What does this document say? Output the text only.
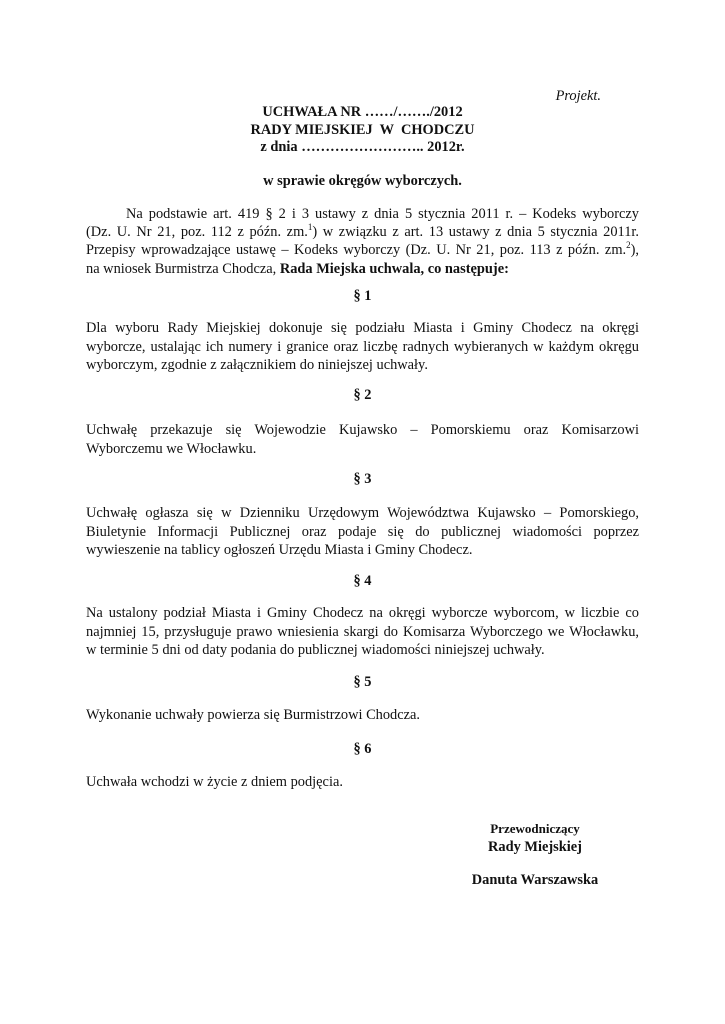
Projekt.
UCHWAŁA NR ……/……./2012
RADY MIEJSKIEJ  W  CHODCZU
z dnia …………………….. 2012r.
w sprawie okręgów wyborczych.
Na podstawie art. 419 § 2 i 3 ustawy z dnia 5 stycznia 2011 r. – Kodeks wyborczy
(Dz. U. Nr 21, poz. 112 z późn. zm.$^1$) w związku z art. 13 ustawy z dnia 5 stycznia 2011r.
Przepisy wprowadzające ustawę – Kodeks wyborczy (Dz. U. Nr 21, poz. 113 z późn. zm.$^2$),
na wniosek Burmistrza Chodcza, Rada Miejska uchwala, co następuje:
§ 1
Dla wyboru Rady Miejskiej dokonuje się podziału Miasta i Gminy Chodecz na okręgi
wyborcze, ustalając ich numery i granice oraz liczbę radnych wybieranych w każdym okręgu
wyborczym, zgodnie z załącznikiem do niniejszej uchwały.
§ 2
Uchwałę przekazuje się Wojewodzie Kujawsko – Pomorskiemu oraz Komisarzowi
Wyborczemu we Włocławku.
§ 3
Uchwałę ogłasza się w Dzienniku Urzędowym Województwa Kujawsko – Pomorskiego,
Biuletynie Informacji Publicznej oraz podaje się do publicznej wiadomości poprzez
wywieszenie na tablicy ogłoszeń Urzędu Miasta i Gminy Chodecz.
§ 4
Na ustalony podział Miasta i Gminy Chodecz na okręgi wyborcze wyborcom, w liczbie co
najmniej 15, przysługuje prawo wniesienia skargi do Komisarza Wyborczego we Włocławku,
w terminie 5 dni od daty podania do publicznej wiadomości niniejszej uchwały.
§ 5
Wykonanie uchwały powierza się Burmistrzowi Chodcza.
§ 6
Uchwała wchodzi w życie z dniem podjęcia.
Przewodniczący
Rady Miejskiej
Danuta Warszawska
